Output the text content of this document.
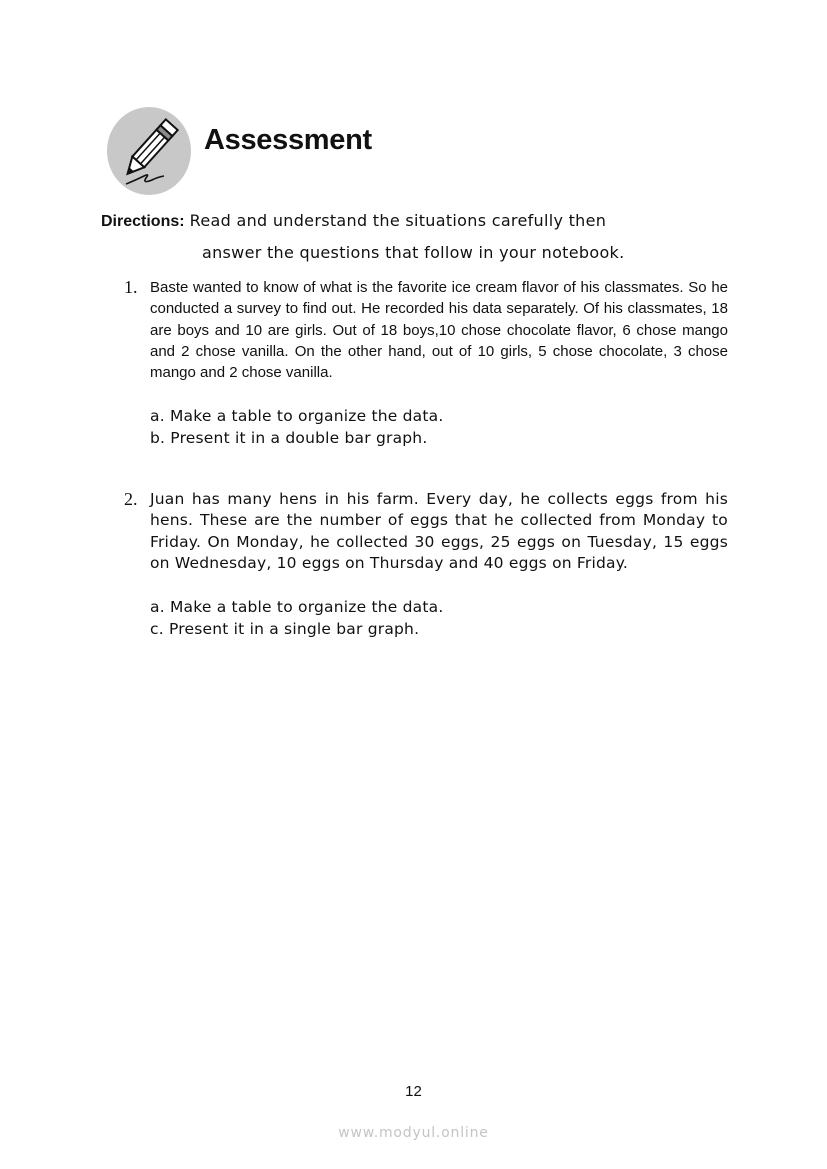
Assessment
Directions: Read and understand the situations carefully then
answer the questions that follow in your notebook.
1. Baste wanted to know of what is the favorite ice cream flavor of his classmates. So he conducted a survey to find out. He recorded his data separately. Of his classmates, 18 are boys and 10 are girls. Out of 18 boys,10 chose chocolate flavor, 6 chose mango and 2 chose vanilla. On the other hand, out of 10 girls, 5 chose chocolate, 3 chose mango and 2 chose vanilla.
a. Make a table to organize the data.
b. Present it in a double bar graph.
2. Juan has many hens in his farm. Every day, he collects eggs from his hens. These are the number of eggs that he collected from Monday to Friday. On Monday, he collected 30 eggs, 25 eggs on Tuesday, 15 eggs on Wednesday, 10 eggs on Thursday and 40 eggs on Friday.
a. Make a table to organize the data.
c. Present it in a single bar graph.
12
www.modyul.online
